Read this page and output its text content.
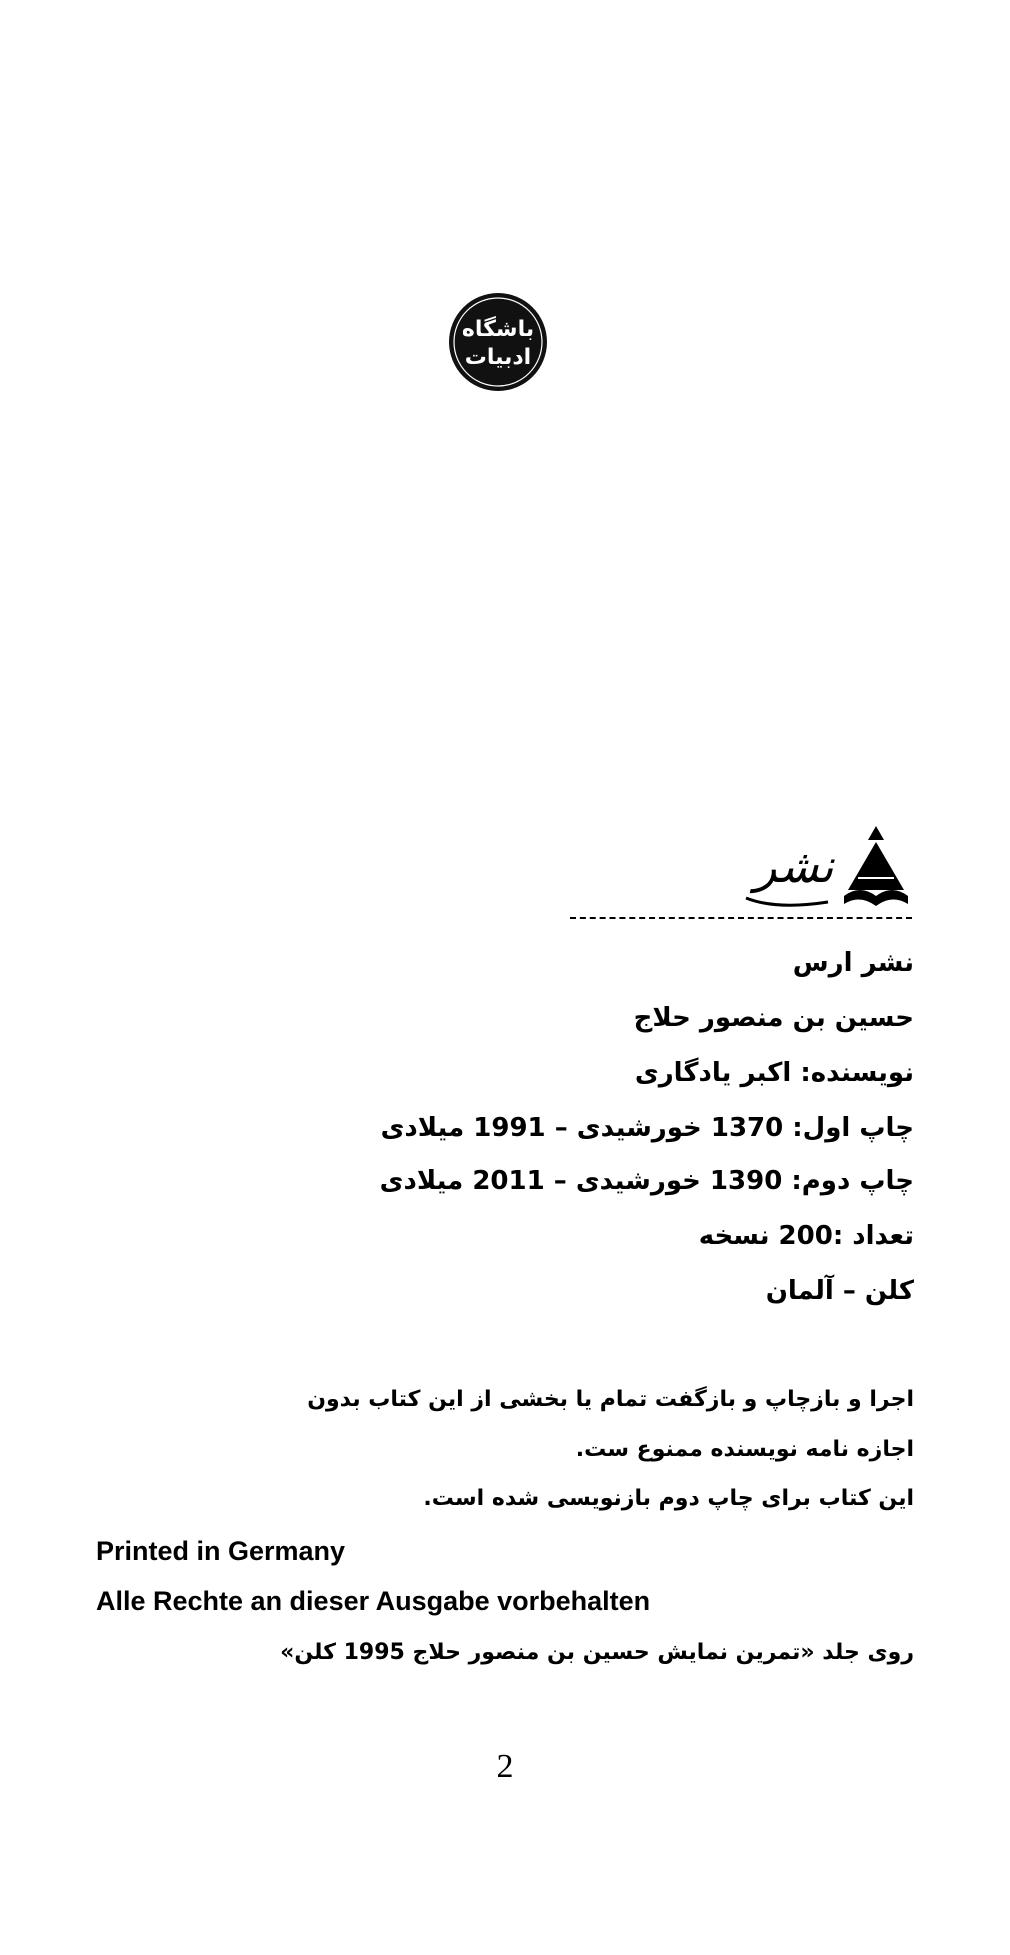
باشگاه
ادبیات
نشر
نشر ارس
حسین بن منصور حلاج
نویسنده: اکبر یادگاری
چاپ اول: 1370 خورشیدی – 1991 میلادی
چاپ دوم: 1390 خورشیدی – 2011 میلادی
تعداد :200 نسخه
کلن – آلمان
اجرا و بازچاپ و بازگفت تمام یا بخشی از این کتاب بدون
اجازه نامه نویسنده ممنوع ست.
این کتاب برای چاپ دوم بازنویسی شده است.
Printed in Germany
Alle Rechte an dieser Ausgabe vorbehalten
روی جلد «تمرین نمایش حسین بن منصور حلاج 1995 کلن»
2
